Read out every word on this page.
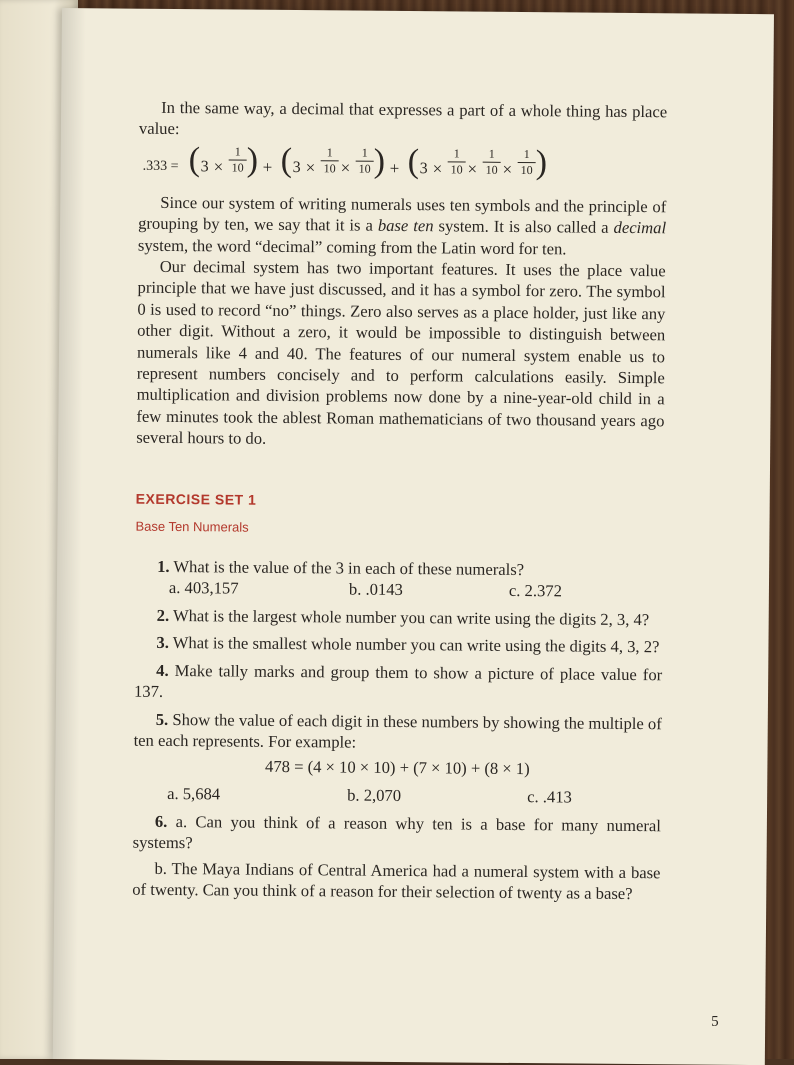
In the same way, a decimal that expresses a part of a whole thing has place value:

.333 = ( $3 \times \frac{1}{10}$ ) + ( $3 \times \frac{1}{10} \times \frac{1}{10}$ ) + ( $3 \times \frac{1}{10} \times \frac{1}{10} \times \frac{1}{10}$ )

Since our system of writing numerals uses ten symbols and the principle of grouping by ten, we say that it is a base ten system. It is also called a decimal system, the word “decimal” coming from the Latin word for ten.

Our decimal system has two important features. It uses the place value principle that we have just discussed, and it has a symbol for zero. The symbol 0 is used to record “no” things. Zero also serves as a place holder, just like any other digit. Without a zero, it would be impossible to distinguish between numerals like 4 and 40. The features of our numeral system enable us to represent numbers concisely and to perform calculations easily. Simple multiplication and division problems now done by a nine-year-old child in a few minutes took the ablest Roman mathematicians of two thousand years ago several hours to do.

EXERCISE SET 1
Base Ten Numerals

1. What is the value of the 3 in each of these numerals?

a. 403,157	b. .0143	c. 2.372

2. What is the largest whole number you can write using the digits 2, 3, 4?

3. What is the smallest whole number you can write using the digits 4, 3, 2?

4. Make tally marks and group them to show a picture of place value for 137.

5. Show the value of each digit in these numbers by showing the multiple of ten each represents. For example:

478 = (4 × 10 × 10) + (7 × 10) + (8 × 1)
a. 5,684	b. 2,070	c. .413

6. a. Can you think of a reason why ten is a base for many numeral systems?

b. The Maya Indians of Central America had a numeral system with a base of twenty. Can you think of a reason for their selection of twenty as a base?

5
